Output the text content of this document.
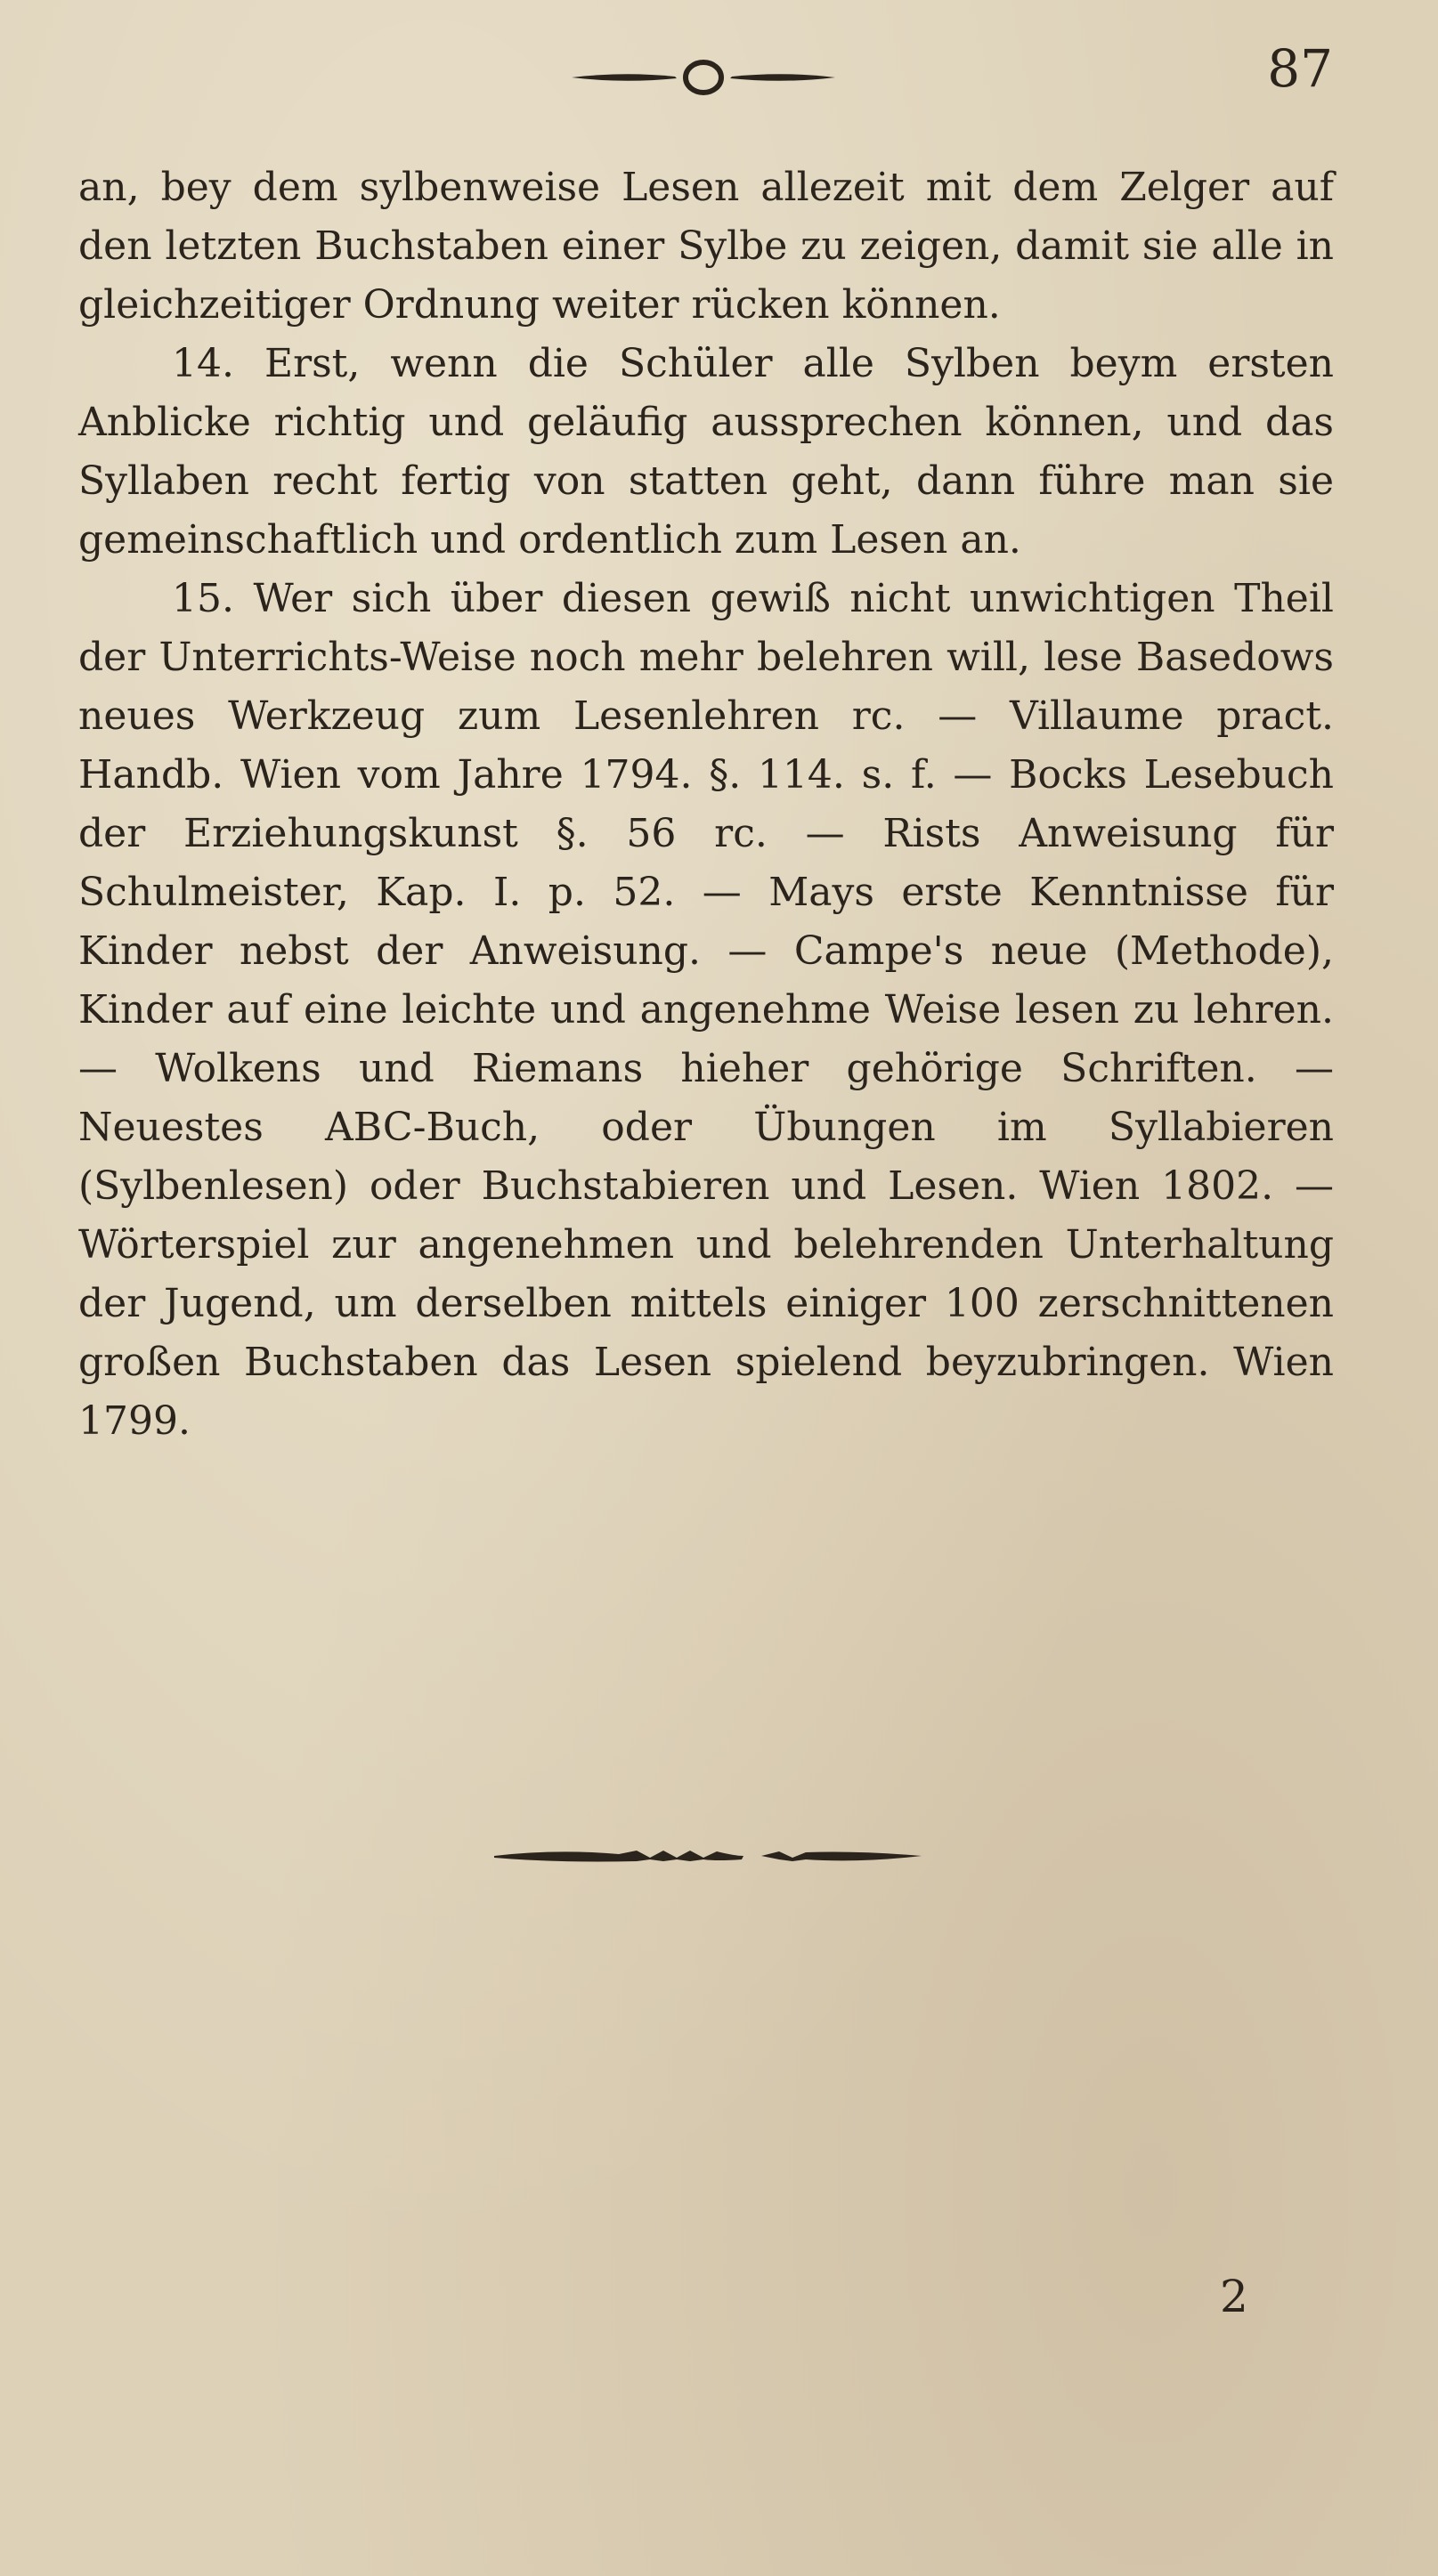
87

an, bey dem sylbenweise Lesen allezeit mit dem Zelger auf den letzten Buchstaben einer Sylbe zu zeigen, damit sie alle in gleichzeitiger Ordnung weiter rücken können.

14. Erst, wenn die Schüler alle Sylben beym ersten Anblicke richtig und geläufig aussprechen können, und das Syllaben recht fertig von statten geht, dann führe man sie gemeinschaftlich und ordentlich zum Lesen an.

15. Wer sich über diesen gewiß nicht unwichtigen Theil der Unterrichts-Weise noch mehr belehren will, lese Basedows neues Werkzeug zum Lesenlehren rc. — Villaume pract. Handb. Wien vom Jahre 1794. §. 114. s. f. — Bocks Lesebuch der Erziehungskunst §. 56 rc. — Rists Anweisung für Schulmeister, Kap. I. p. 52. — Mays erste Kenntnisse für Kinder nebst der Anweisung. — Campe's neue (Methode), Kinder auf eine leichte und angenehme Weise lesen zu lehren. — Wolkens und Riemans hieher gehörige Schriften. — Neuestes ABC-Buch, oder Übungen im Syllabieren (Sylbenlesen) oder Buchstabieren und Lesen. Wien 1802. — Wörterspiel zur angenehmen und belehrenden Unterhaltung der Jugend, um derselben mittels einiger 100 zerschnittenen großen Buchstaben das Lesen spielend beyzubringen. Wien 1799.

2
